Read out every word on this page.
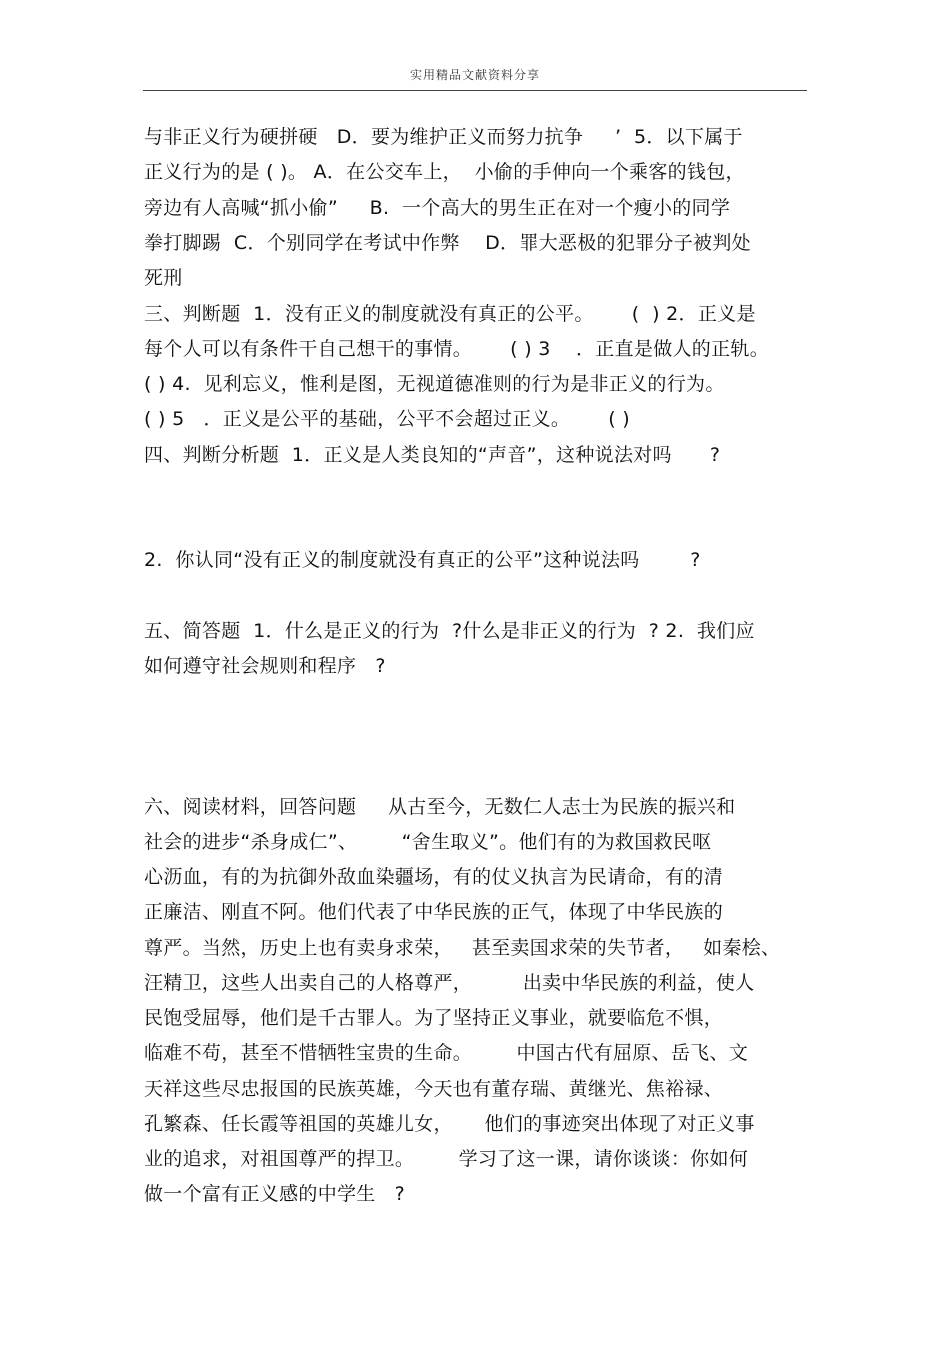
实用精品文献资料分享
与非正义行为硬拼硬   D．要为维护正义而努力抗争     ’  5．以下属于
正义行为的是 ( )。 A．在公交车上，  小偷的手伸向一个乘客的钱包，
旁边有人高喊“抓小偷”     B.  一个高大的男生正在对一个瘦小的同学
拳打脚踢  C．个别同学在考试中作弊    D．罪大恶极的犯罪分子被判处
死刑
三、判断题  1．没有正义的制度就没有真正的公平。      (  ) 2．正义是
每个人可以有条件干自己想干的事情。      ( ) 3    ．正直是做人的正轨。
( ) 4.  见利忘义，惟利是图，无视道德准则的行为是非正义的行为。
( ) 5   ．正义是公平的基础，公平不会超过正义。      ( )
四、判断分析题  1．正义是人类良知的“声音”，这种说法对吗      ?
2.  你认同“没有正义的制度就没有真正的公平”这种说法吗        ?
五、简答题  1．什么是正义的行为  ?什么是非正义的行为  ? 2.  我们应
如何遵守社会规则和程序   ?
六、阅读材料，回答问题     从古至今，无数仁人志士为民族的振兴和
社会的进步“杀身成仁”、       “舍生取义”。他们有的为救国救民呕
心沥血，有的为抗御外敌血染疆场，有的仗义执言为民请命，有的清
正廉洁、刚直不阿。他们代表了中华民族的正气，体现了中华民族的
尊严。当然，历史上也有卖身求荣，   甚至卖国求荣的失节者，   如秦桧、
汪精卫，这些人出卖自己的人格尊严，        出卖中华民族的利益，使人
民饱受屈辱，他们是千古罪人。为了坚持正义事业，就要临危不惧，
临难不苟，甚至不惜牺牲宝贵的生命。       中国古代有屈原、岳飞、文
天祥这些尽忠报国的民族英雄，今天也有董存瑞、黄继光、焦裕禄、
孔繁森、任长霞等祖国的英雄儿女，     他们的事迹突出体现了对正义事
业的追求，对祖国尊严的捍卫。       学习了这一课，请你谈谈：你如何
做一个富有正义感的中学生   ?
